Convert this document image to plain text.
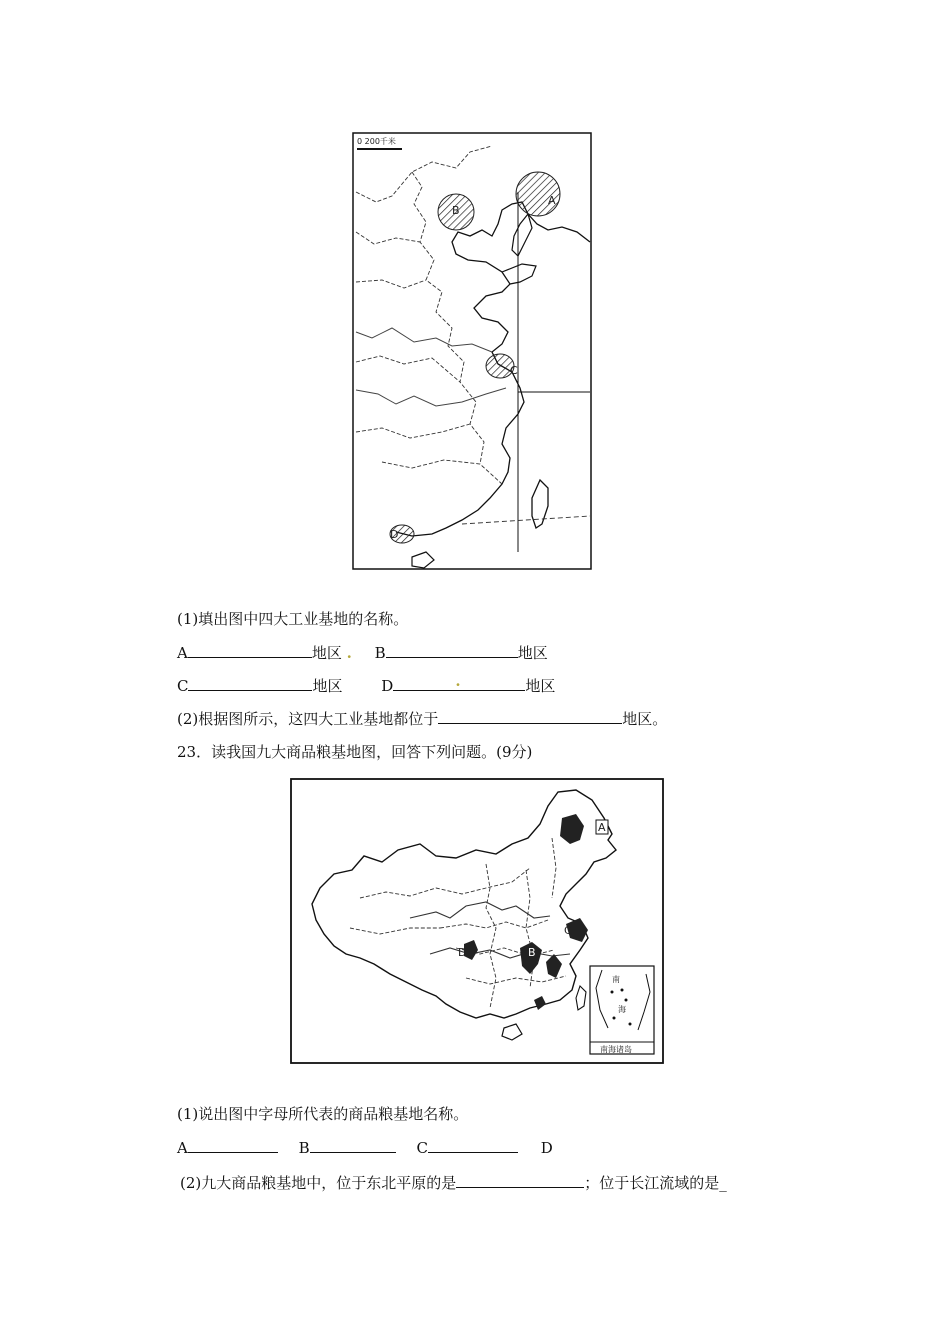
0 200千米
A
B
C
D
(1)填出图中四大工业基地的名称。
A	地区 . B	地区
C	地区	D	.	地区
(2)根据图所示，这四大工业基地都位于	地区。
23．读我国九大商品粮基地图，回答下列问题。(9分)
A
B
C
D
南
海
南海诸岛
(1)说出图中字母所代表的商品粮基地名称。
A	B	C	D
(2)九大商品粮基地中，位于东北平原的是	；位于长江流域的是_
